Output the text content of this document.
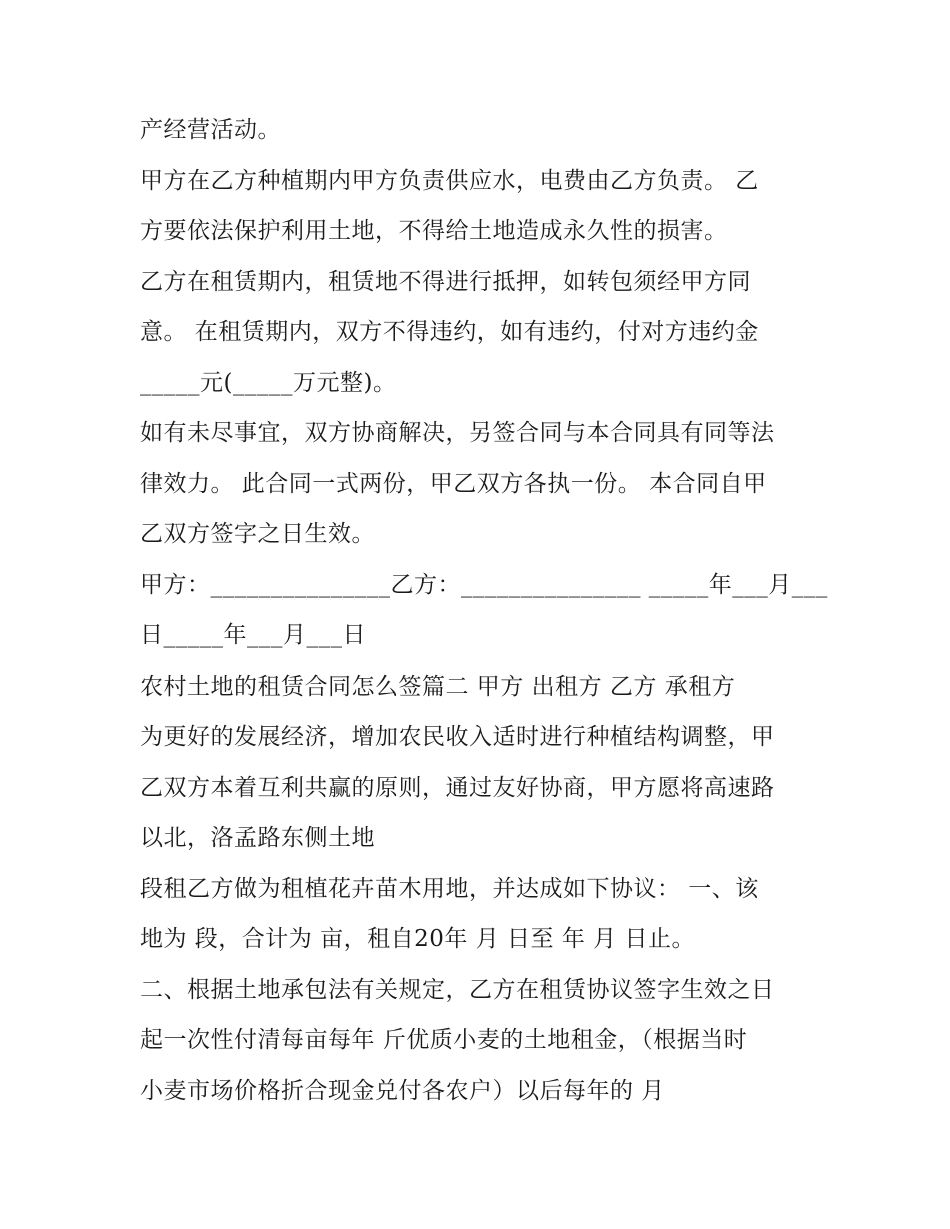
产经营活动。
甲方在乙方种植期内甲方负责供应水，电费由乙方负责。 乙
方要依法保护利用土地，不得给土地造成永久性的损害。
乙方在租赁期内，租赁地不得进行抵押，如转包须经甲方同
意。 在租赁期内，双方不得违约，如有违约，付对方违约金
_____元(_____万元整)。
如有未尽事宜，双方协商解决，另签合同与本合同具有同等法
律效力。 此合同一式两份，甲乙双方各执一份。 本合同自甲
乙双方签字之日生效。
甲方：_______________乙方：_______________ _____年___月___
日_____年___月___日
农村土地的租赁合同怎么签篇二 甲方 出租方 乙方 承租方
为更好的发展经济，增加农民收入适时进行种植结构调整，甲
乙双方本着互利共赢的原则，通过友好协商，甲方愿将高速路
以北，洛孟路东侧土地
段租乙方做为租植花卉苗木用地，并达成如下协议： 一、该
地为 段，合计为 亩，租自20年 月 日至 年 月 日止。
二、根据土地承包法有关规定，乙方在租赁协议签字生效之日
起一次性付清每亩每年 斤优质小麦的土地租金，（根据当时
小麦市场价格折合现金兑付各农户）以后每年的 月
